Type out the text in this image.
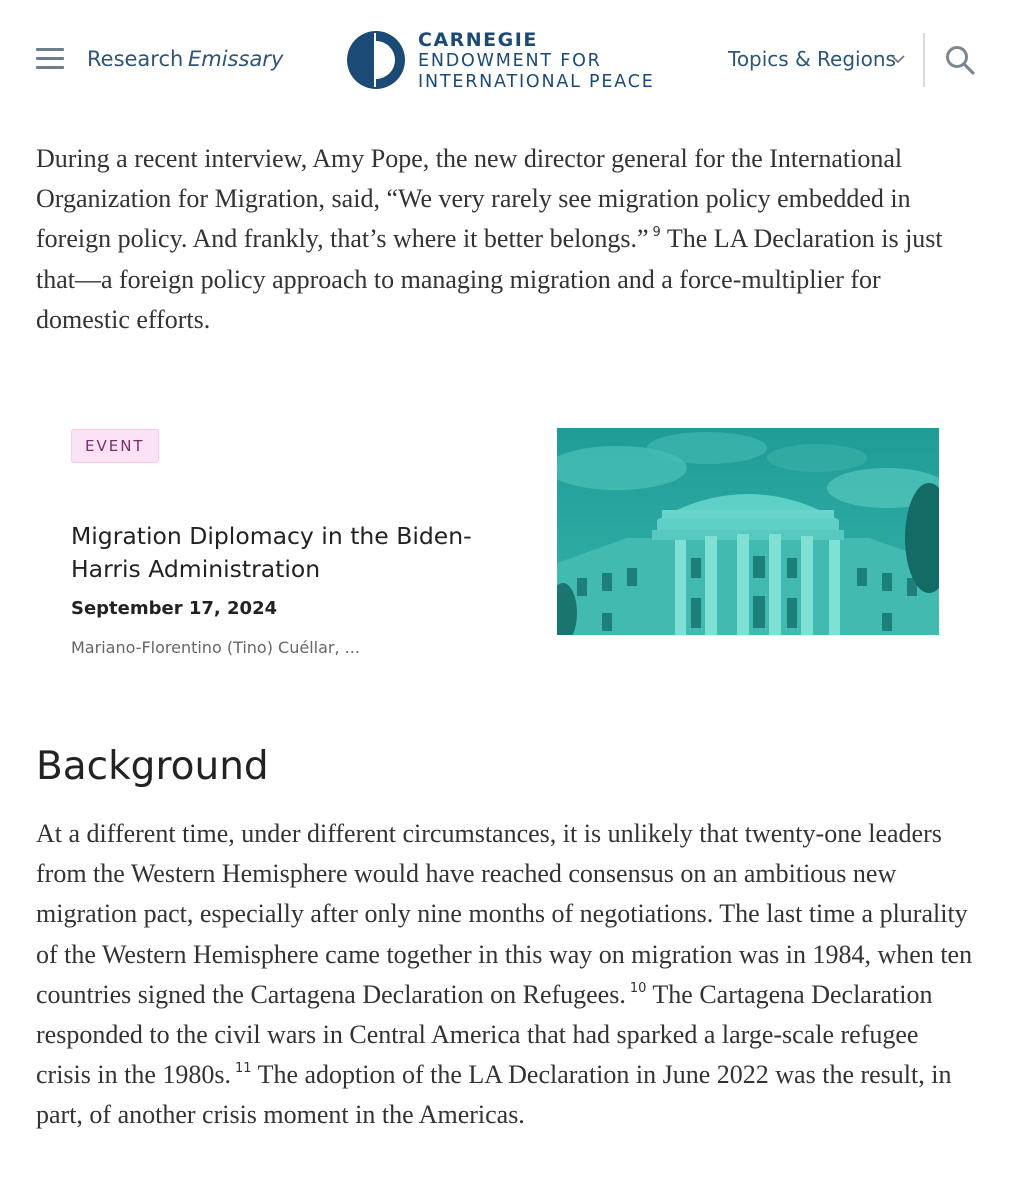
Research Emissary
CARNEGIE
ENDOWMENT FOR
INTERNATIONAL PEACE
Topics & Regions

During a recent interview, Amy Pope, the new director general for the International Organization for Migration, said, “We very rarely see migration policy embedded in foreign policy. And frankly, that’s where it better belongs.” $^9$ The LA Declaration is just that—a foreign policy approach to managing migration and a force-multiplier for domestic efforts.

EVENT
Migration Diplomacy in the Biden-Harris Administration
September 17, 2024
Mariano-Florentino (Tino) Cuéllar, ...
Background

At a different time, under different circumstances, it is unlikely that twenty-one leaders from the Western Hemisphere would have reached consensus on an ambitious new migration pact, especially after only nine months of negotiations. The last time a plurality of the Western Hemisphere came together in this way on migration was in 1984, when ten countries signed the Cartagena Declaration on Refugees. $^{10}$ The Cartagena Declaration responded to the civil wars in Central America that had sparked a large-scale refugee crisis in the 1980s. $^{11}$ The adoption of the LA Declaration in June 2022 was the result, in part, of another crisis moment in the Americas.
